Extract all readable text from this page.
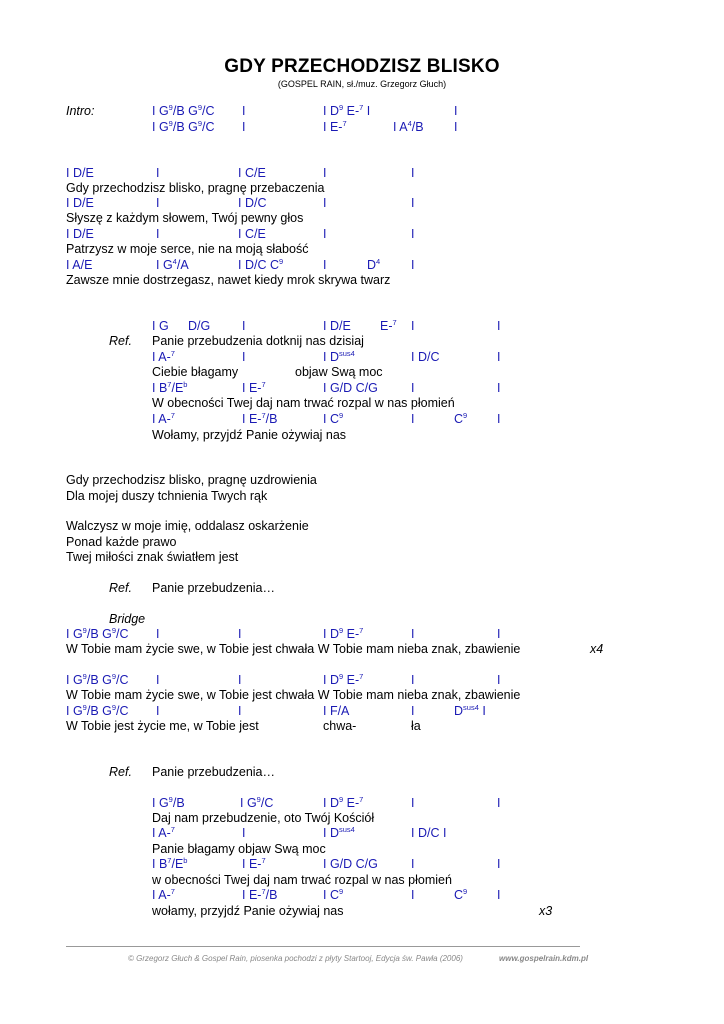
GDY PRZECHODZISZ BLISKO
(GOSPEL RAIN, sł./muz. Grzegorz Głuch)
Intro:	I $G^9/B$ $G^9/C$ I	I $D^9$ E-$^7$ I	I
I $G^9/B$ $G^9/C$ I	I E-$^7$	I $A^4/B$ I
I D/E	I	I C/E	I	I
Gdy przechodzisz blisko, pragnę przebaczenia
I D/E	I	I D/C	I	I
Słyszę z każdym słowem, Twój pewny głos
I D/E	I	I C/E	I	I
Patrzysz w moje serce, nie na moją słabość
I A/E	I $G^4/A$	I D/C $C^9$	I	$D^4$ I
Zawsze mnie dostrzegasz, nawet kiedy mrok skrywa twarz
I G D/G	I	I D/E E-$^7$ I	I
Ref. Panie przebudzenia dotknij nas dzisiaj
I A-$^7$	I	I $D^{sus4}$	I D/C	I
Ciebie błagamy	objaw Swą moc
I $B^7/E^b$	I E-$^7$	I G/D C/G	I	I
W obecności Twej daj nam trwać rozpal w nas płomień
I A-$^7$	I E-$^7$/B	I $C^9$	I	$C^9$ I
Wołamy, przyjdź Panie ożywiaj nas
Gdy przechodzisz blisko, pragnę uzdrowienia
Dla mojej duszy tchnienia Twych rąk
Walczysz w moje imię, oddalasz oskarżenie
Ponad każde prawo
Twej miłości znak światłem jest
Ref. Panie przebudzenia…
Bridge
I $G^9/B$ $G^9/C$ I	I	I $D^9$ E-$^7$	I	I
W Tobie mam życie swe, w Tobie jest chwała W Tobie mam nieba znak, zbawienie	x4
I $G^9/B$ $G^9/C$ I	I	I $D^9$ E-$^7$	I	I
W Tobie mam życie swe, w Tobie jest chwała W Tobie mam nieba znak, zbawienie
I $G^9/B$ $G^9/C$ I	I	I F/A	I	$D^{sus4}$ I
W Tobie jest życie me, w Tobie jest	chwa-	ła
Ref. Panie przebudzenia…
I $G^9/B$	I $G^9/C$	I $D^9$ E-$^7$	I	I
Daj nam przebudzenie, oto Twój Kościół
I A-$^7$	I	I $D^{sus4}$	I D/C I
Panie błagamy objaw Swą moc
I $B^7/E^b$	I E-$^7$	I G/D C/G	I	I
w obecności Twej daj nam trwać rozpal w nas płomień
I A-$^7$	I E-$^7$/B	I $C^9$	I	$C^9$ I
wołamy, przyjdź Panie ożywiaj nas	x3
© Grzegorz Głuch & Gospel Rain, piosenka pochodzi z płyty Startooj, Edycja św. Pawła (2006)	www.gospelrain.kdm.pl
